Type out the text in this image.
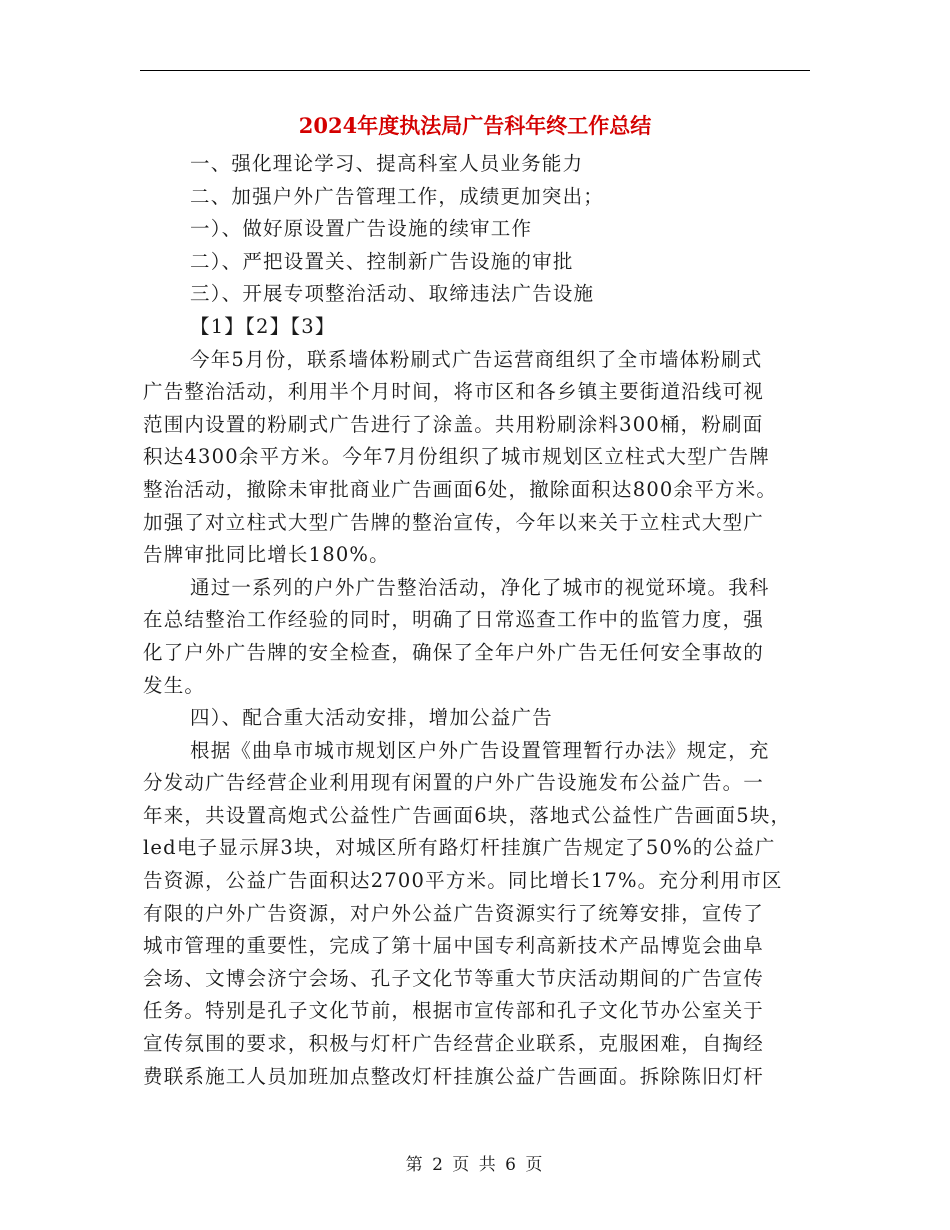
2024年度执法局广告科年终工作总结
一、强化理论学习、提高科室人员业务能力
二、加强户外广告管理工作，成绩更加突出；
一）、做好原设置广告设施的续审工作
二）、严把设置关、控制新广告设施的审批
三）、开展专项整治活动、取缔违法广告设施
【1】【2】【3】
今年5月份，联系墙体粉刷式广告运营商组织了全市墙体粉刷式
广告整治活动，利用半个月时间，将市区和各乡镇主要街道沿线可视
范围内设置的粉刷式广告进行了涂盖。共用粉刷涂料300桶，粉刷面
积达4300余平方米。今年7月份组织了城市规划区立柱式大型广告牌
整治活动，撤除未审批商业广告画面6处，撤除面积达800余平方米。
加强了对立柱式大型广告牌的整治宣传，今年以来关于立柱式大型广
告牌审批同比增长180%。
通过一系列的户外广告整治活动，净化了城市的视觉环境。我科
在总结整治工作经验的同时，明确了日常巡查工作中的监管力度，强
化了户外广告牌的安全检查，确保了全年户外广告无任何安全事故的
发生。
四）、配合重大活动安排，增加公益广告
根据《曲阜市城市规划区户外广告设置管理暂行办法》规定，充
分发动广告经营企业利用现有闲置的户外广告设施发布公益广告。一
年来，共设置高炮式公益性广告画面6块，落地式公益性广告画面5块，
led电子显示屏3块，对城区所有路灯杆挂旗广告规定了50%的公益广
告资源，公益广告面积达2700平方米。同比增长17%。充分利用市区
有限的户外广告资源，对户外公益广告资源实行了统筹安排，宣传了
城市管理的重要性，完成了第十届中国专利高新技术产品博览会曲阜
会场、文博会济宁会场、孔子文化节等重大节庆活动期间的广告宣传
任务。特别是孔子文化节前，根据市宣传部和孔子文化节办公室关于
宣传氛围的要求，积极与灯杆广告经营企业联系，克服困难，自掏经
费联系施工人员加班加点整改灯杆挂旗公益广告画面。拆除陈旧灯杆
第 2 页 共 6 页
